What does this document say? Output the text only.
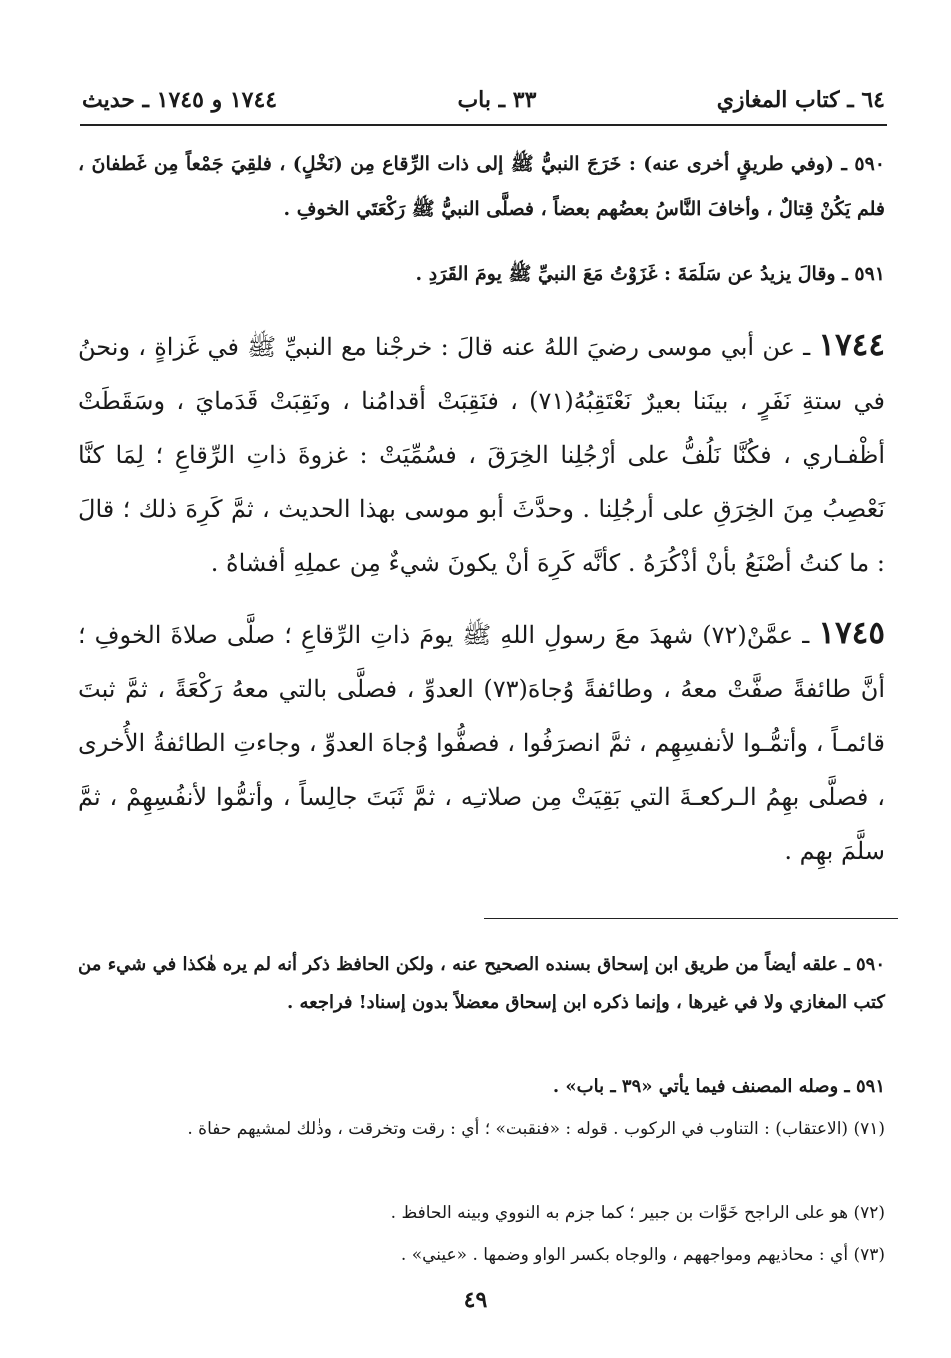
٦٤ ـ كتاب المغازي
٣٣ ـ باب
١٧٤٤ و ١٧٤٥ ـ حديث
٥٩٠ ـ (وفي طريقٍ أخرى عنه) : خَرَجَ النبيُّ ﷺ إلى ذات الرِّقاع مِن (نَخْلٍ) ، فلقِيَ جَمْعاً مِن غَطفانَ ، فلم يَكُنْ قِتالٌ ، وأخافَ النَّاسُ بعضُهم بعضاً ، فصلَّى النبيُّ ﷺ رَكْعَتَي الخوفِ .
٥٩١ ـ وقالَ يزيدُ عن سَلَمَةَ : غَزَوْتُ مَعَ النبيِّ ﷺ يومَ القَرَدِ .
١٧٤٤ ـ عن أبي موسى رضيَ اللهُ عنه قالَ : خرجْنا مع النبيِّ ﷺ في غَزاةٍ ، ونحنُ في ستةِ نَفَرٍ ، بينَنا بعيرٌ نَعْتَقِبُهُ(٧١) ، فنَقِبَتْ أقدامُنا ، ونَقِبَتْ قَدَمايَ ، وسَقَطَتْ أظْفـاري ، فكُنَّا نَلُفُّ على أرْجُلِنا الخِرَقَ ، فسُمِّيَتْ : غزوةَ ذاتِ الرِّقاعِ ؛ لِمَا كنَّا نَعْصِبُ مِنَ الخِرَقِ على أرجُلِنا . وحدَّثَ أبو موسى بهذا الحديث ، ثمَّ كَرِهَ ذلك ؛ قالَ : ما كنتُ أصْنَعُ بأنْ أذْكُرَهُ . كأنَّه كَرِهَ أنْ يكونَ شيءٌ مِن عملِهِ أفشاهُ .
١٧٤٥ ـ عمَّنْ(٧٢) شهدَ معَ رسولِ اللهِ ﷺ يومَ ذاتِ الرِّقاعِ ؛ صلَّى صلاةَ الخوفِ ؛ أنَّ طائفةً صفَّتْ معهُ ، وطائفةً وُجاهَ(٧٣) العدوِّ ، فصلَّى بالتي معهُ رَكْعَةً ، ثمَّ ثبتَ قائمـاً ، وأتمُّـوا لأنفسِهِم ، ثمَّ انصرَفُوا ، فصفُّوا وُجاهَ العدوِّ ، وجاءتِ الطائفةُ الأُخرى ، فصلَّى بهِمُ الـركعـةَ التي بَقِيَتْ مِن صلاتـِه ، ثمَّ ثَبَتَ جالِساً ، وأتمُّوا لأنفُسِهِمْ ، ثمَّ سلَّمَ بهِم .
٥٩٠ ـ علقه أيضاً من طريق ابن إسحاق بسنده الصحيح عنه ، ولكن الحافظ ذكر أنه لم يره هٰكذا في شيء من كتب المغازي ولا في غيرها ، وإنما ذكره ابن إسحاق معضلاً بدون إسناد! فراجعه .
٥٩١ ـ وصله المصنف فيما يأتي «٣٩ ـ باب» .
(٧١) (الاعتقاب) : التناوب في الركوب . قوله : «فنقبت» ؛ أي : رقت وتخرقت ، وذٰلك لمشيهم حفاة .
(٧٢) هو على الراجح خَوَّات بن جبير ؛ كما جزم به النووي وبينه الحافظ .
(٧٣) أي : محاذيهم ومواجههم ، والوجاه بكسر الواو وضمها . «عيني» .
٤٩
